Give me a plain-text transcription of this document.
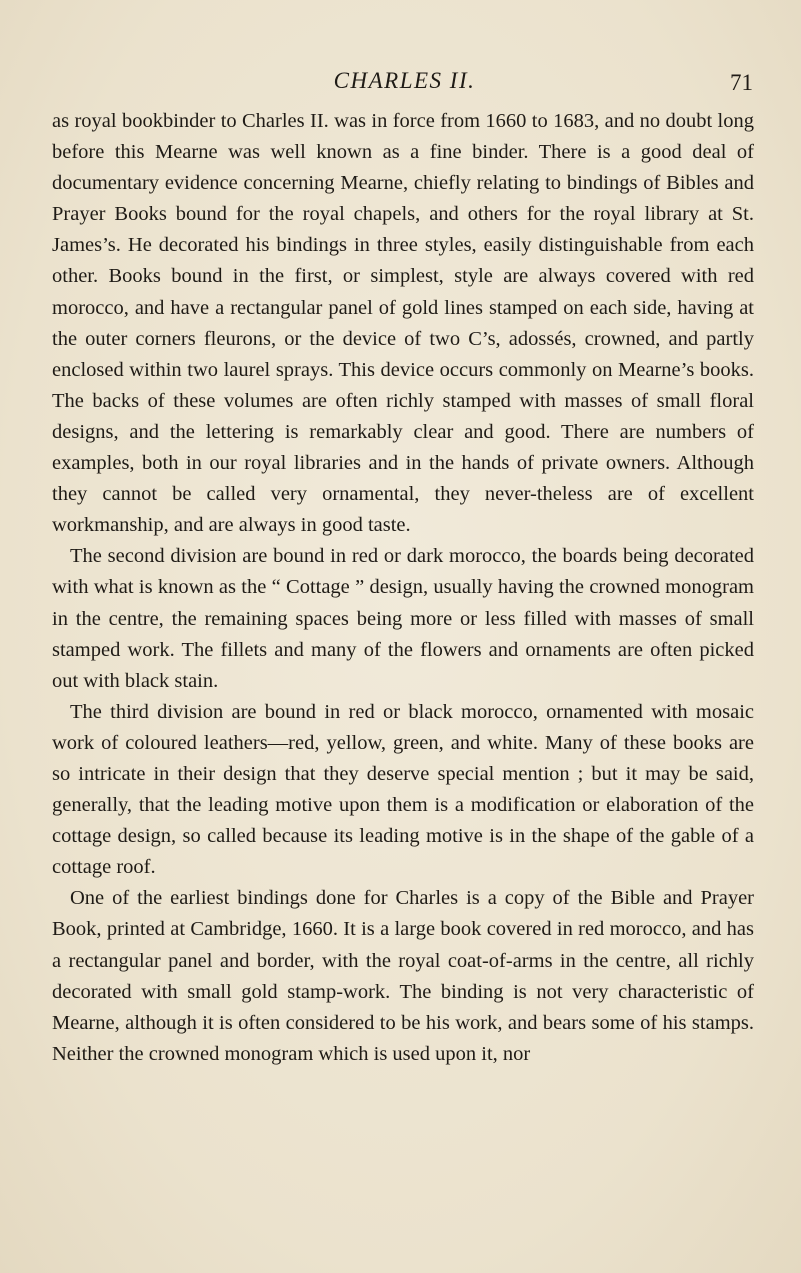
CHARLES II.	71

as royal bookbinder to Charles II. was in force from 1660 to 1683, and no doubt long before this Mearne was well known as a fine binder. There is a good deal of documentary evidence concerning Mearne, chiefly relating to bindings of Bibles and Prayer Books bound for the royal chapels, and others for the royal library at St. James’s. He decorated his bindings in three styles, easily distinguishable from each other. Books bound in the first, or simplest, style are always covered with red morocco, and have a rectangular panel of gold lines stamped on each side, having at the outer corners fleurons, or the device of two C’s, adossés, crowned, and partly enclosed within two laurel sprays. This device occurs commonly on Mearne’s books. The backs of these volumes are often richly stamped with masses of small floral designs, and the lettering is remarkably clear and good. There are numbers of examples, both in our royal libraries and in the hands of private owners. Although they cannot be called very ornamental, they never-theless are of excellent workmanship, and are always in good taste.

The second division are bound in red or dark morocco, the boards being decorated with what is known as the “ Cottage ” design, usually having the crowned monogram in the centre, the remaining spaces being more or less filled with masses of small stamped work. The fillets and many of the flowers and ornaments are often picked out with black stain.

The third division are bound in red or black morocco, ornamented with mosaic work of coloured leathers—red, yellow, green, and white. Many of these books are so intricate in their design that they deserve special mention ; but it may be said, generally, that the leading motive upon them is a modification or elaboration of the cottage design, so called because its leading motive is in the shape of the gable of a cottage roof.

One of the earliest bindings done for Charles is a copy of the Bible and Prayer Book, printed at Cambridge, 1660. It is a large book covered in red morocco, and has a rectangular panel and border, with the royal coat-of-arms in the centre, all richly decorated with small gold stamp-work. The binding is not very characteristic of Mearne, although it is often considered to be his work, and bears some of his stamps. Neither the crowned monogram which is used upon it, nor
